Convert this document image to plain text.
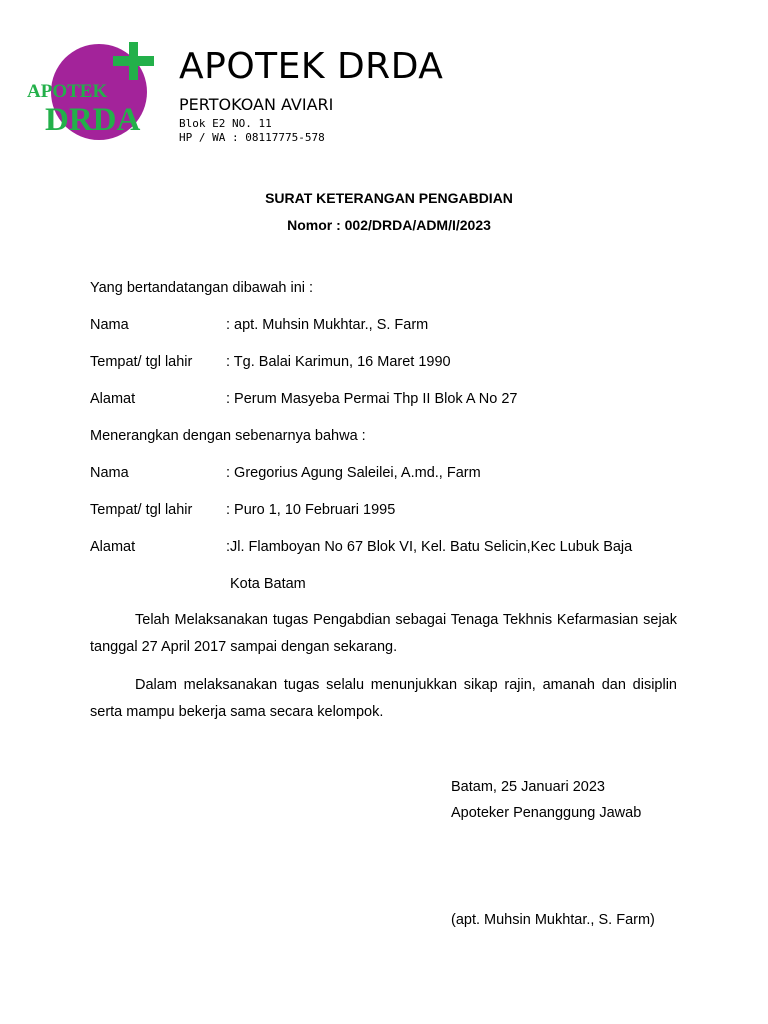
APOTEK
DRDA
APOTEK DRDA
PERTOKOAN AVIARI
Blok E2 NO. 11
HP / WA : 08117775-578
SURAT KETERANGAN PENGABDIAN
Nomor : 002/DRDA/ADM/I/2023
Yang bertandatangan dibawah ini :
Nama	: apt. Muhsin Mukhtar., S. Farm
Tempat/ tgl lahir : Tg. Balai Karimun, 16 Maret 1990
Alamat	: Perum Masyeba Permai Thp II Blok A No 27
Menerangkan dengan sebenarnya bahwa :
Nama	: Gregorius Agung Saleilei, A.md., Farm
Tempat/ tgl lahir : Puro 1, 10 Februari 1995
Alamat	:Jl. Flamboyan No 67 Blok VI, Kel. Batu Selicin,Kec Lubuk Baja
Kota Batam

Telah Melaksanakan tugas Pengabdian sebagai Tenaga Tekhnis Kefarmasian sejak tanggal 27 April 2017 sampai dengan sekarang.

Dalam melaksanakan tugas selalu menunjukkan sikap rajin, amanah dan disiplin serta mampu bekerja sama secara kelompok.

Batam, 25 Januari 2023
Apoteker Penanggung Jawab
(apt. Muhsin Mukhtar., S. Farm)
